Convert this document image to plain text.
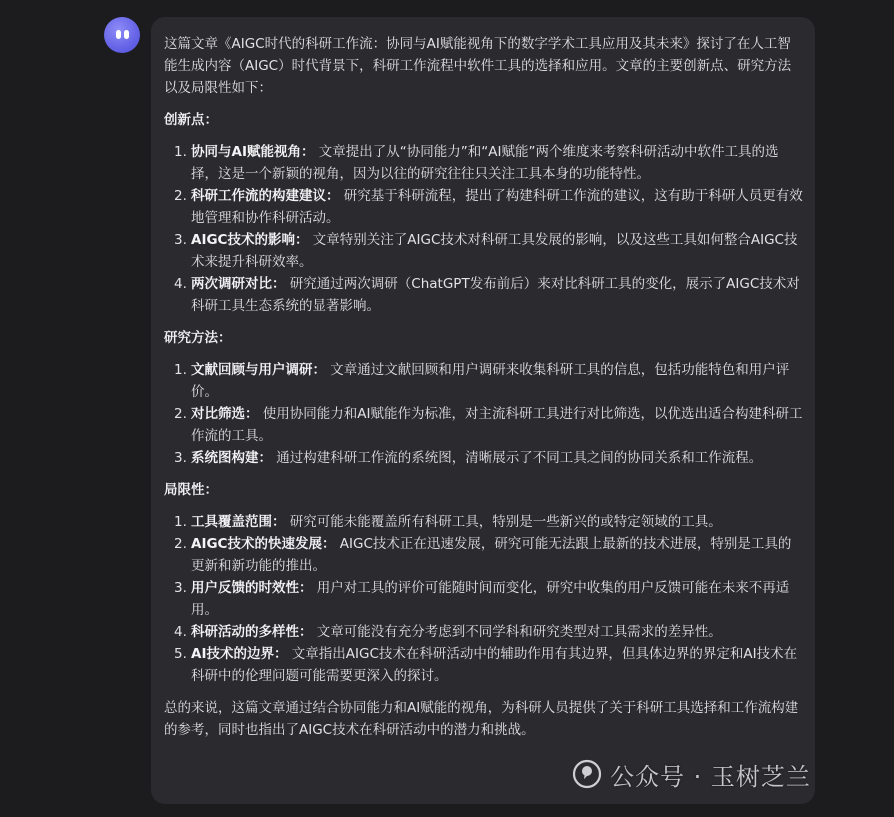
这篇文章《AIGC时代的科研工作流：协同与AI赋能视角下的数字学术工具应用及其未来》探讨了在人工智能生成内容（AIGC）时代背景下，科研工作流程中软件工具的选择和应用。文章的主要创新点、研究方法以及局限性如下：

创新点：

1. 协同与AI赋能视角： 文章提出了从“协同能力”和“AI赋能”两个维度来考察科研活动中软件工具的选择，这是一个新颖的视角，因为以往的研究往往只关注工具本身的功能特性。
2. 科研工作流的构建建议： 研究基于科研流程，提出了构建科研工作流的建议，这有助于科研人员更有效地管理和协作科研活动。
3. AIGC技术的影响： 文章特别关注了AIGC技术对科研工具发展的影响，以及这些工具如何整合AIGC技术来提升科研效率。
4. 两次调研对比： 研究通过两次调研（ChatGPT发布前后）来对比科研工具的变化，展示了AIGC技术对科研工具生态系统的显著影响。

研究方法：

1. 文献回顾与用户调研： 文章通过文献回顾和用户调研来收集科研工具的信息，包括功能特色和用户评价。
2. 对比筛选： 使用协同能力和AI赋能作为标准，对主流科研工具进行对比筛选，以优选出适合构建科研工作流的工具。
3. 系统图构建： 通过构建科研工作流的系统图，清晰展示了不同工具之间的协同关系和工作流程。

局限性：

1. 工具覆盖范围： 研究可能未能覆盖所有科研工具，特别是一些新兴的或特定领域的工具。
2. AIGC技术的快速发展： AIGC技术正在迅速发展，研究可能无法跟上最新的技术进展，特别是工具的更新和新功能的推出。
3. 用户反馈的时效性： 用户对工具的评价可能随时间而变化，研究中收集的用户反馈可能在未来不再适用。
4. 科研活动的多样性： 文章可能没有充分考虑到不同学科和研究类型对工具需求的差异性。
5. AI技术的边界： 文章指出AIGC技术在科研活动中的辅助作用有其边界，但具体边界的界定和AI技术在科研中的伦理问题可能需要更深入的探讨。

总的来说，这篇文章通过结合协同能力和AI赋能的视角，为科研人员提供了关于科研工具选择和工作流构建的参考，同时也指出了AIGC技术在科研活动中的潜力和挑战。

公众号 · 玉树芝兰
